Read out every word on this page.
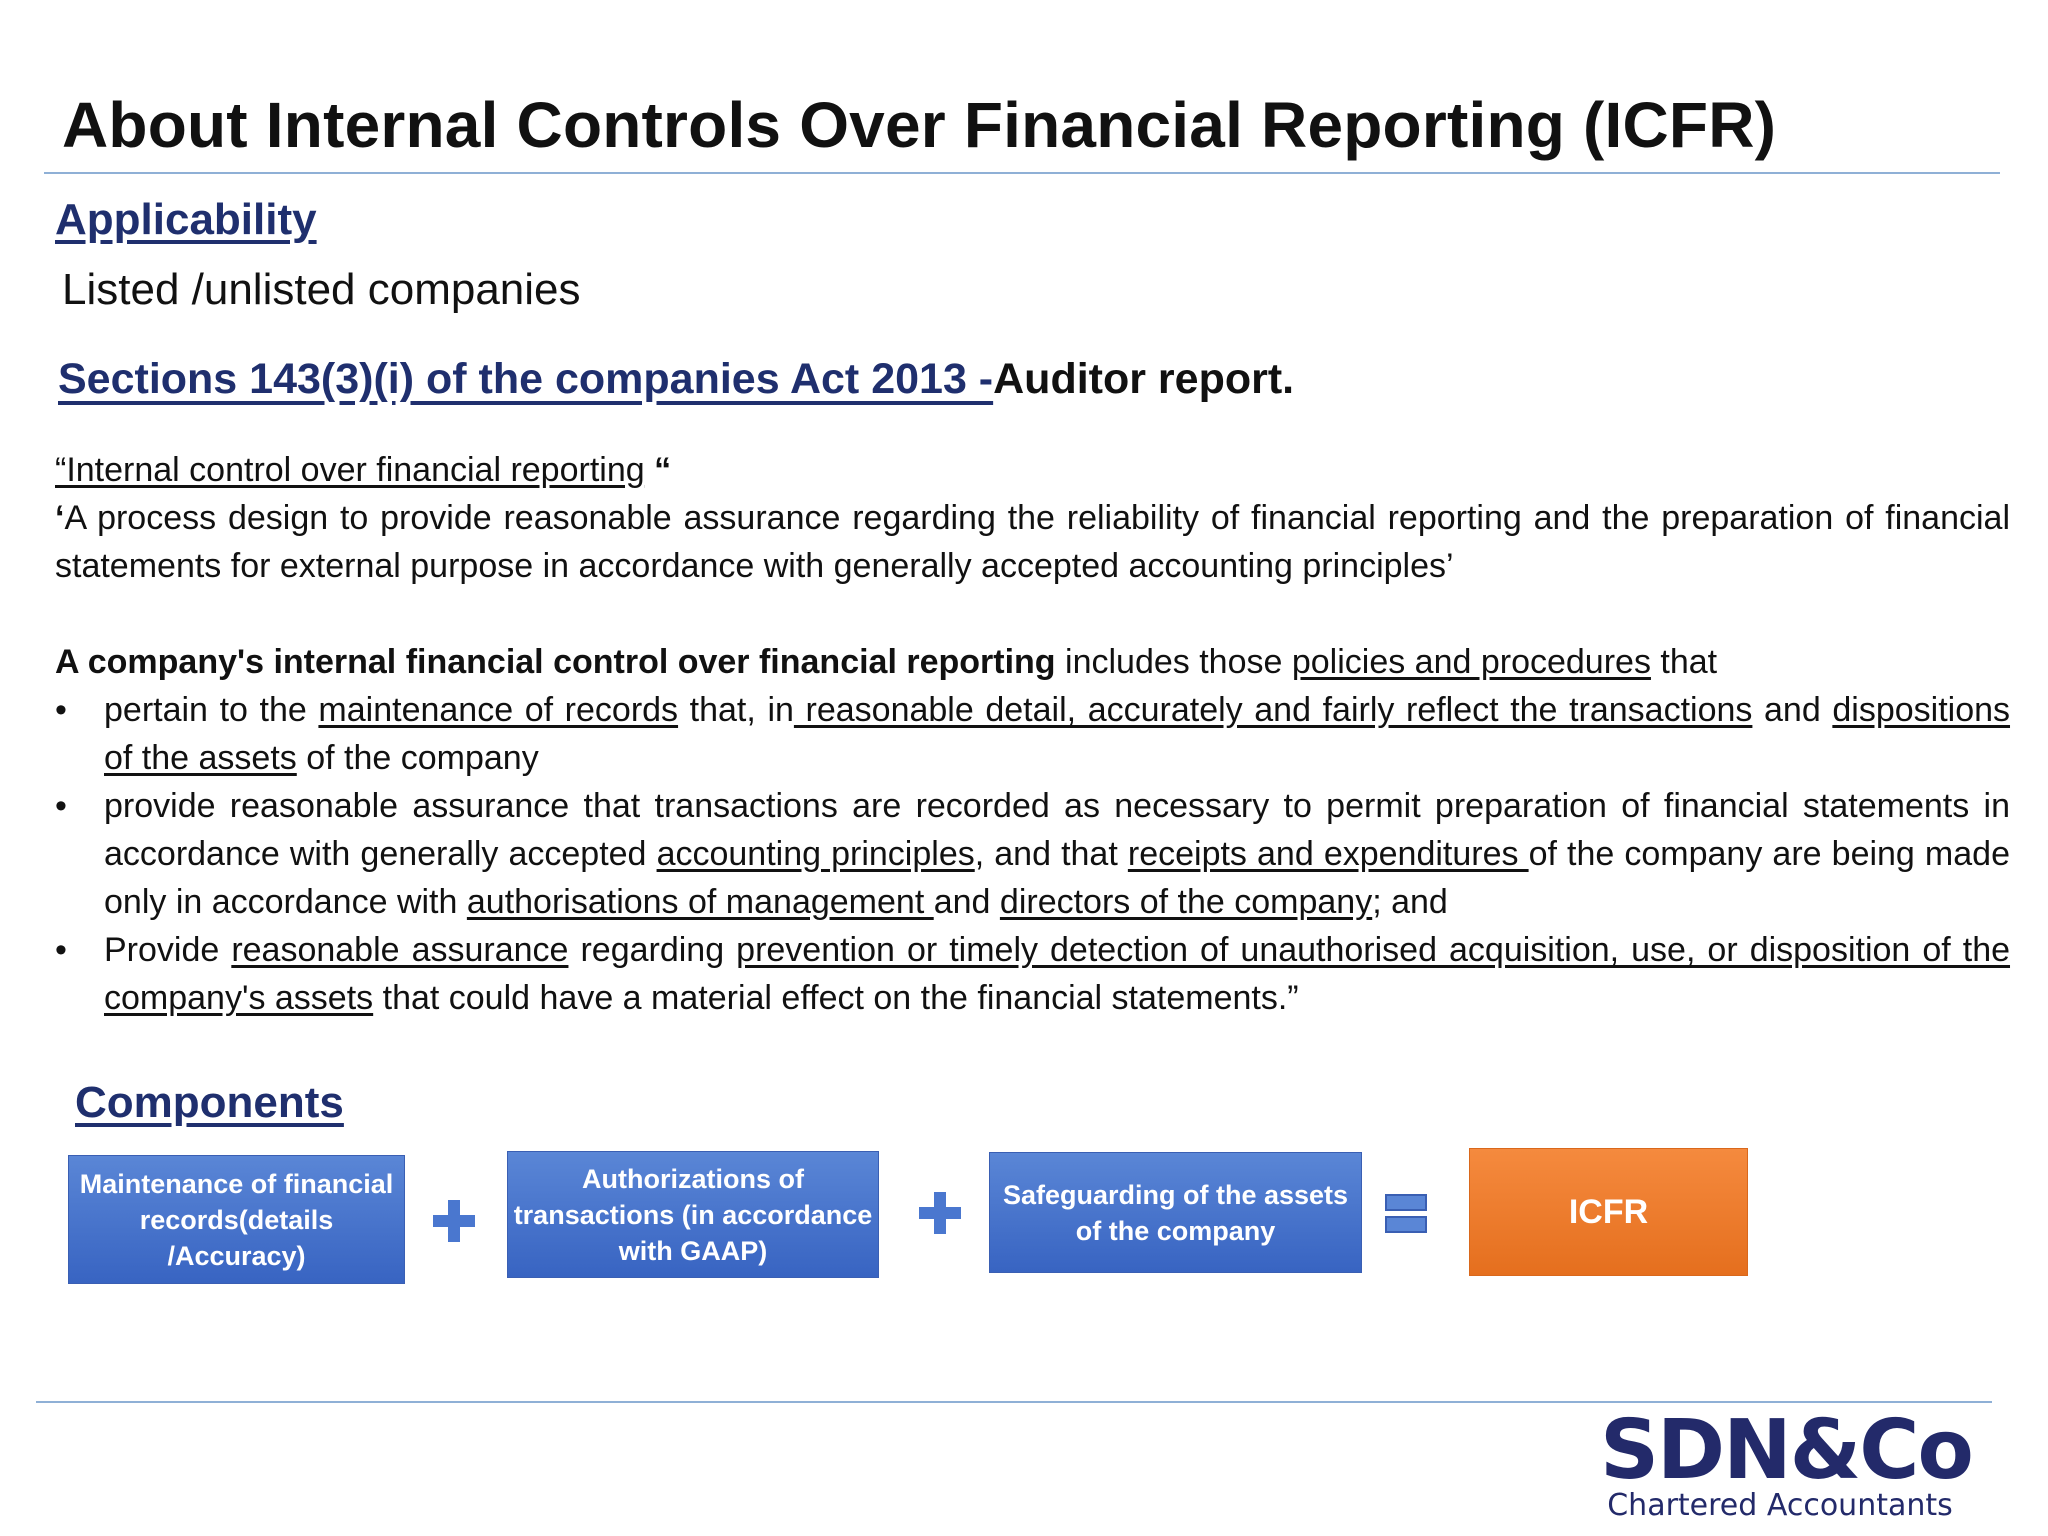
About Internal Controls Over Financial Reporting (ICFR)
Applicability
Listed /unlisted companies
Sections 143(3)(i) of the companies Act 2013 -Auditor report.

“Internal control over financial reporting “

‘A process design to provide reasonable assurance regarding the reliability of financial reporting and the preparation of financial statements for external purpose in accordance with generally accepted accounting principles’

A company's internal financial control over financial reporting includes those policies and procedures that

•	pertain to the maintenance of records that, in reasonable detail, accurately and fairly reflect the transactions and dispositions of the assets of the company
•	provide reasonable assurance that transactions are recorded as necessary to permit preparation of financial statements in accordance with generally accepted accounting principles, and that receipts and expenditures of the company are being made only in accordance with authorisations of management and directors of the company; and
•	Provide reasonable assurance regarding prevention or timely detection of unauthorised acquisition, use, or disposition of the company's assets that could have a material effect on the financial statements.”
Components
Maintenance of financial records(details /Accuracy)
Authorizations of transactions (in accordance with GAAP)
Safeguarding of the assets of the company	ICFR
SDN&Co
Chartered Accountants
